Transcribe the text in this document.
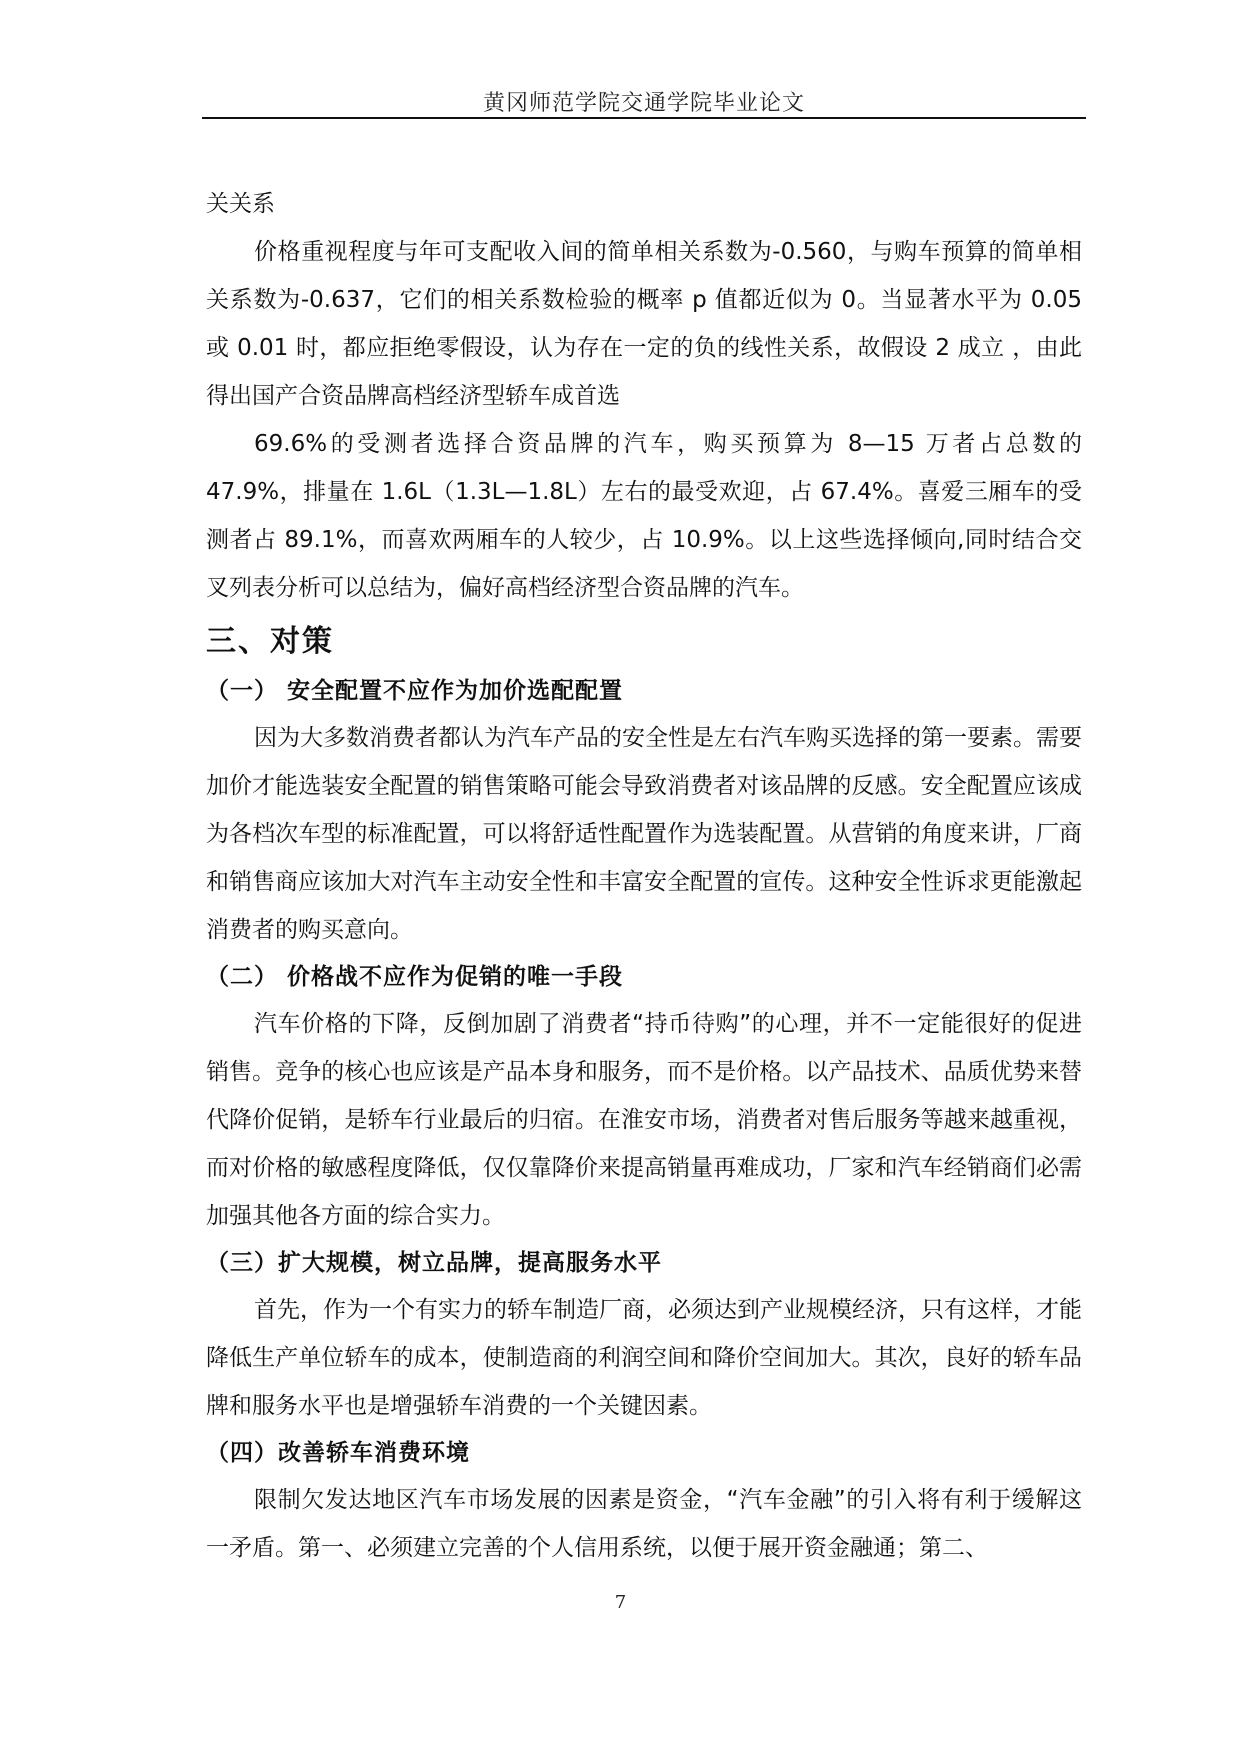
黄冈师范学院交通学院毕业论文

关关系

价格重视程度与年可支配收入间的简单相关系数为-0.560，与购车预算的简单相关系数为-0.637，它们的相关系数检验的概率 p 值都近似为 0。当显著水平为 0.05 或 0.01 时，都应拒绝零假设，认为存在一定的负的线性关系，故假设 2 成立 ，由此得出国产合资品牌高档经济型轿车成首选

69.6%的受测者选择合资品牌的汽车，购买预算为 8—15 万者占总数的 47.9%，排量在 1.6L（1.3L—1.8L）左右的最受欢迎，占 67.4%。喜爱三厢车的受测者占 89.1%，而喜欢两厢车的人较少，占 10.9%。以上这些选择倾向,同时结合交叉列表分析可以总结为，偏好高档经济型合资品牌的汽车。

三、对策
（一） 安全配置不应作为加价选配配置

因为大多数消费者都认为汽车产品的安全性是左右汽车购买选择的第一要素。需要加价才能选装安全配置的销售策略可能会导致消费者对该品牌的反感。安全配置应该成为各档次车型的标准配置，可以将舒适性配置作为选装配置。从营销的角度来讲，厂商和销售商应该加大对汽车主动安全性和丰富安全配置的宣传。这种安全性诉求更能激起消费者的购买意向。

（二） 价格战不应作为促销的唯一手段

汽车价格的下降，反倒加剧了消费者“持币待购”的心理，并不一定能很好的促进销售。竞争的核心也应该是产品本身和服务，而不是价格。以产品技术、品质优势来替代降价促销，是轿车行业最后的归宿。在淮安市场，消费者对售后服务等越来越重视，而对价格的敏感程度降低，仅仅靠降价来提高销量再难成功，厂家和汽车经销商们必需加强其他各方面的综合实力。

（三）扩大规模，树立品牌，提高服务水平

首先，作为一个有实力的轿车制造厂商，必须达到产业规模经济，只有这样，才能降低生产单位轿车的成本，使制造商的利润空间和降价空间加大。其次，良好的轿车品牌和服务水平也是增强轿车消费的一个关键因素。

（四）改善轿车消费环境

限制欠发达地区汽车市场发展的因素是资金，“汽车金融”的引入将有利于缓解这一矛盾。第一、必须建立完善的个人信用系统，以便于展开资金融通；第二、

7
